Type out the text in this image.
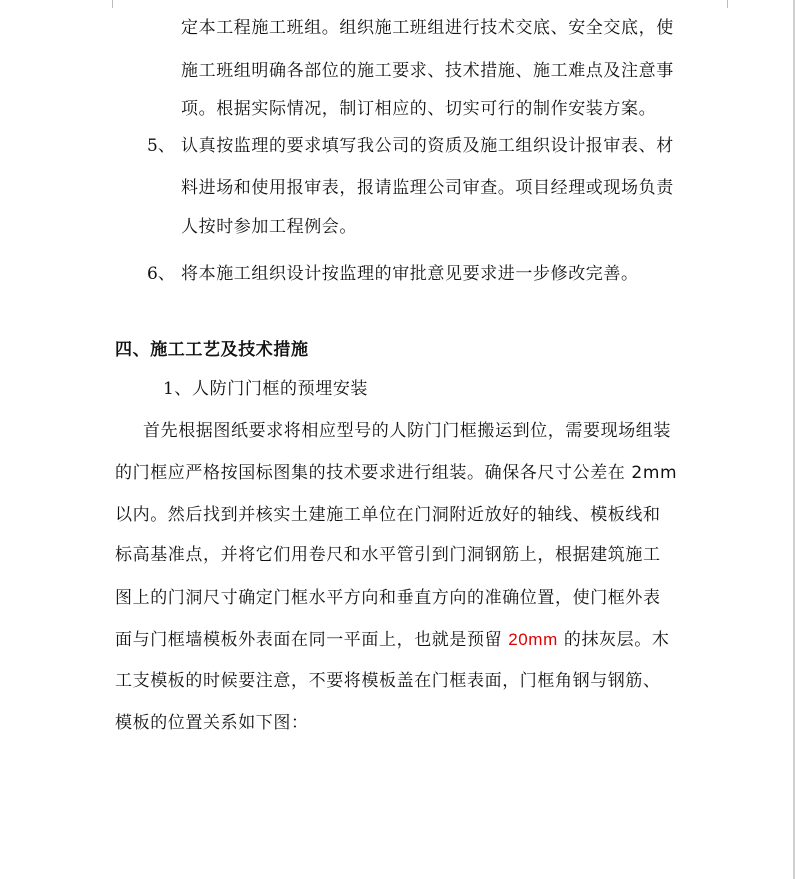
定本工程施工班组。组织施工班组进行技术交底、安全交底，使
施工班组明确各部位的施工要求、技术措施、施工难点及注意事
项。根据实际情况，制订相应的、切实可行的制作安装方案。
5、 认真按监理的要求填写我公司的资质及施工组织设计报审表、材
料进场和使用报审表，报请监理公司审查。项目经理或现场负责
人按时参加工程例会。
6、 将本施工组织设计按监理的审批意见要求进一步修改完善。
四、施工工艺及技术措施
1、人防门门框的预埋安装
首先根据图纸要求将相应型号的人防门门框搬运到位，需要现场组装
的门框应严格按国标图集的技术要求进行组装。确保各尺寸公差在 2mm
以内。然后找到并核实土建施工单位在门洞附近放好的轴线、模板线和
标高基准点，并将它们用卷尺和水平管引到门洞钢筋上，根据建筑施工
图上的门洞尺寸确定门框水平方向和垂直方向的准确位置，使门框外表
面与门框墙模板外表面在同一平面上，也就是预留 20mm 的抹灰层。木
工支模板的时候要注意，不要将模板盖在门框表面，门框角钢与钢筋、
模板的位置关系如下图：
